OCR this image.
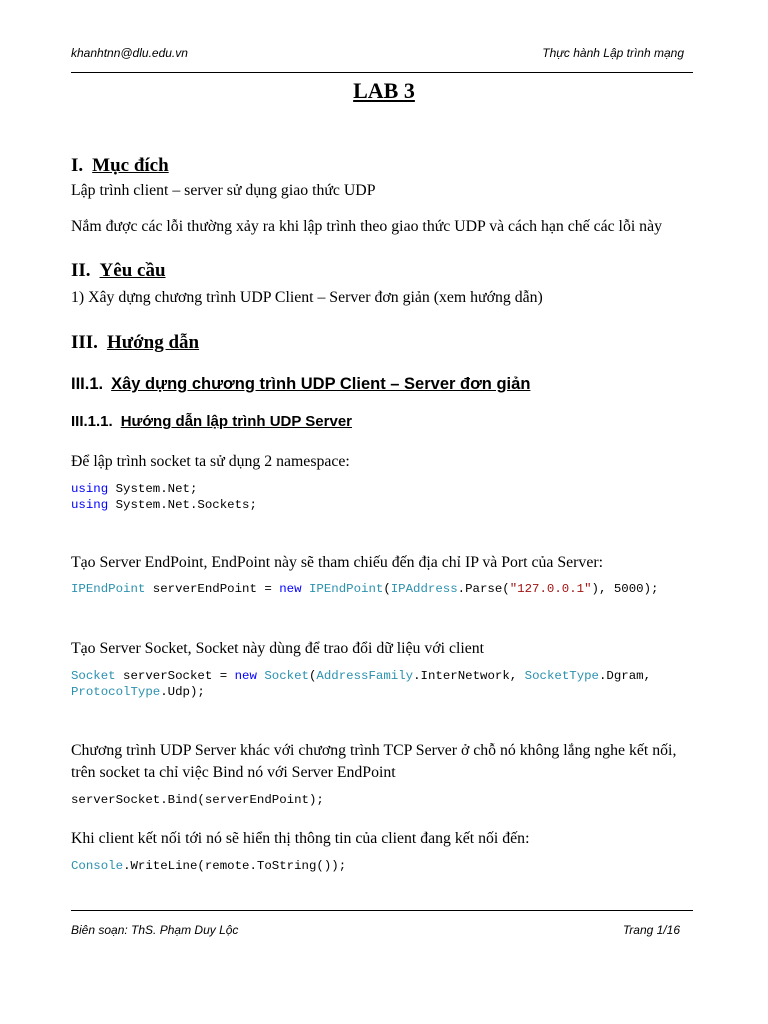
khanhtnn@dlu.edu.vn	Thực hành Lập trình mạng
LAB 3
I. Mục đích
Lập trình client – server sử dụng giao thức UDP
Nắm được các lỗi thường xảy ra khi lập trình theo giao thức UDP và cách hạn chế các lỗi này
II. Yêu cầu
1) Xây dựng chương trình UDP Client – Server đơn giản (xem hướng dẫn)
III. Hướng dẫn
III.1. Xây dựng chương trình UDP Client – Server đơn giản
III.1.1. Hướng dẫn lập trình UDP Server
Để lập trình socket ta sử dụng 2 namespace:
using System.Net;
using System.Net.Sockets;
Tạo Server EndPoint, EndPoint này sẽ tham chiếu đến địa chỉ IP và Port của Server:
IPEndPoint serverEndPoint = new IPEndPoint(IPAddress.Parse("127.0.0.1"), 5000);
Tạo Server Socket, Socket này dùng để trao đổi dữ liệu với client
Socket serverSocket = new Socket(AddressFamily.InterNetwork, SocketType.Dgram,
ProtocolType.Udp);
Chương trình UDP Server khác với chương trình TCP Server ở chỗ nó không lắng nghe kết nối, trên socket ta chỉ việc Bind nó với Server EndPoint
serverSocket.Bind(serverEndPoint);
Khi client kết nối tới nó sẽ hiển thị thông tin của client đang kết nối đến:
Console.WriteLine(remote.ToString());
Biên soạn: ThS. Phạm Duy Lộc	Trang 1/16
